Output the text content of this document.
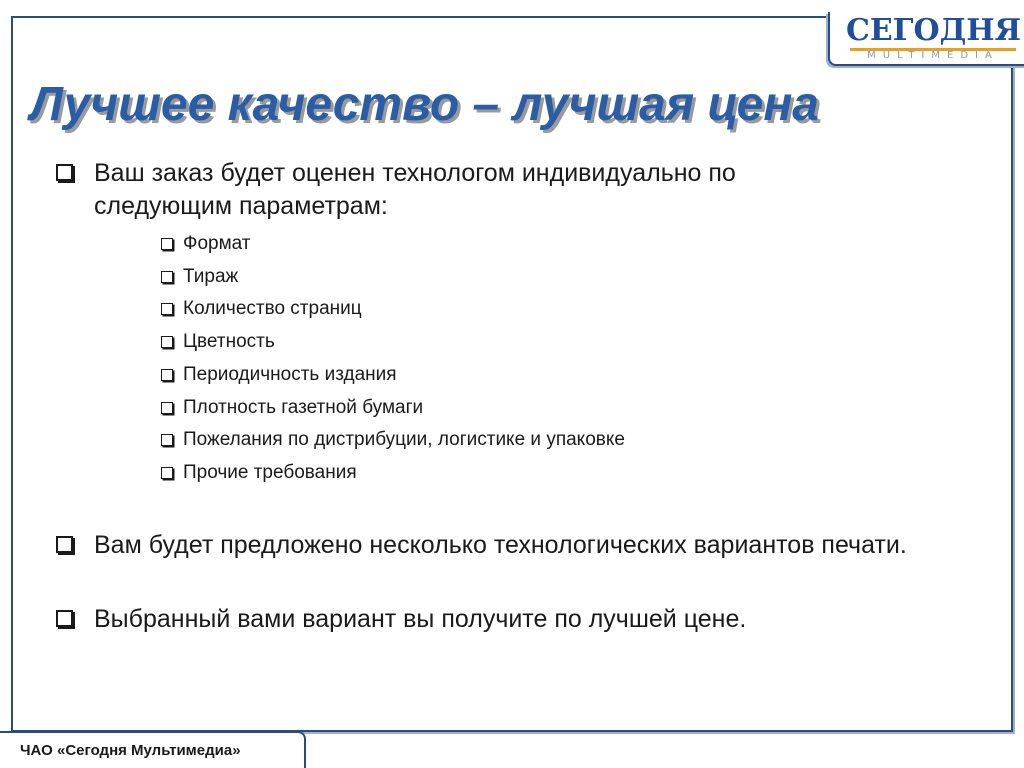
СЕГОДНЯ
MULTIMEDIA
Лучшее качество – лучшая цена
Ваш заказ будет оценен технологом индивидуально по следующим параметрам:
Формат
Тираж
Количество страниц
Цветность
Периодичность издания
Плотность газетной бумаги
Пожелания по дистрибуции, логистике и упаковке
Прочие требования
Вам будет предложено несколько технологических вариантов печати.
Выбранный вами вариант вы получите по лучшей цене.
ЧАО «Сегодня Мультимедиа»
